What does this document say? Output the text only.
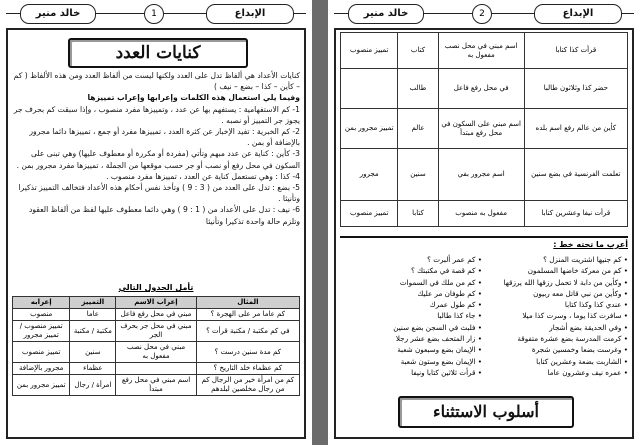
خالد منير	1	الإبداع
كنايات العدد

كنايات الأعداد هي ألفاظ تدل على العدد ولكنها ليست من ألفاظ العدد ومن هذه الألفاظ ( كم – كأين – كذا – بضع – نيف )

وفيما يلي استعمال هذه الكلمات وإعرابها وإعراب تمييزها

1- كم الاستفهامية : يستفهم بها عن عدد ، وتمييزها مفرد منصوب ، وإذا سبقت كم بحرف جر يجوز جر التمييز أو نصبه .

2- كم الخبرية : تفيد الإخبار عن كثرة العدد ، تمييزها مفرد أو جمع ، تمييزها دائما مجرور بالإضافة أو بمن .

3- كأين : كناية عن عدد مبهم وتأتي (مفردة أو مكررة أو معطوف عليها) وهي تبنى على السكون في محل رفع أو نصب أو جر حسب موقعها من الجملة ، تمييزها مفرد مجرور بمن .

4- كذا : وهي تستعمل كناية عن العدد ، تمييزها مفرد منصوب .

5- بضع : تدل على العدد من ( 3 : 9 ) وتأخذ نفس أحكام هذه الأعداد فتخالف التمييز تذكيرا وتأنيثا .

6- نيف : تدل على الأعداد من ( 1 : 9 ) وهي دائما معطوف عليها لفظ من ألفاظ العقود وتلزم حالة واحدة تذكيرا وتأنيثا

تأمل الجدول التالي
المثال	إعراب الاسم	التمييز	إعرابه
كم عاما مر على الهجرة ؟	مبني في محل رفع فاعل	عاما	منصوب
في كم مكتبة / مكتبة قرأت ؟	مبني في محل جر بحرف الجر	مكتبة / مكتبة	تمييز منصوب / تمييز مجرور
كم مدة سنين درست ؟	مبني في محل نصب مفعول به	سنين	تمييز منصوب
كم عظماء خلد التاريخ ؟		عظماء	مجرور بالإضافة
كم من امرأة خير من الرجال كم من رجال مخلصين لبلدهم	اسم مبني في محل رفع مبتدأ	امرأة / رجال	تمييز مجرور بمن
خالد منير	2	الإبداع
قرأت كذا كتابا	اسم مبني في محل نصب مفعول به	كتاب	تمييز منصوب
حضر كذا وثلاثون طالبا	في محل رفع فاعل	طالب	
كأين من عالم رفع اسم بلده	اسم مبني على السكون في محل رفع مبتدأ	عالم	تمييز مجرور بمن
تعلمت الفرنسية في بضع سنين	اسم مجرور بفي	سنين	مجرور
قرأت نيفا وعشرين كتابا	مفعول به منصوب	كتابا	تمييز منصوب
أعرب ما تحته خط :
• كم جنيها اشتريت المنزل ؟
• كم عمر ألبرت ؟
• كم من معركة خاضها المسلمون
• كم قصة في مكتبتك ؟
• وكأين من دابة لا تحمل رزقها الله يرزقها
• كم من ملك في السموات
• وكأين من نبي قاتل معه ربيون
• كم طوفان مر عليك
• عندي كذا وكذا كتابا
• كم طول عمرك
• سافرت كذا يوما ، وسرت كذا ميلا
• جاء كذا طالبا
• وفي الحديقة بضع أشجار
• فلبث في السجن بضع سنين
• كرمت المدرسة بضع عشرة متفوقة
• زار المتحف بضع عشر رجلا
• وغرست بضعا وخمسين شجرة
• الإيمان بضع وسبعون شعبة
• الشاربت بضعة وعشرين كتابا
• الإيمان بضع وستون شعبة
• عمره نيف وعشرون عاما
• قرأت ثلاثين كتابا ونيفا
أسلوب الاستثناء
